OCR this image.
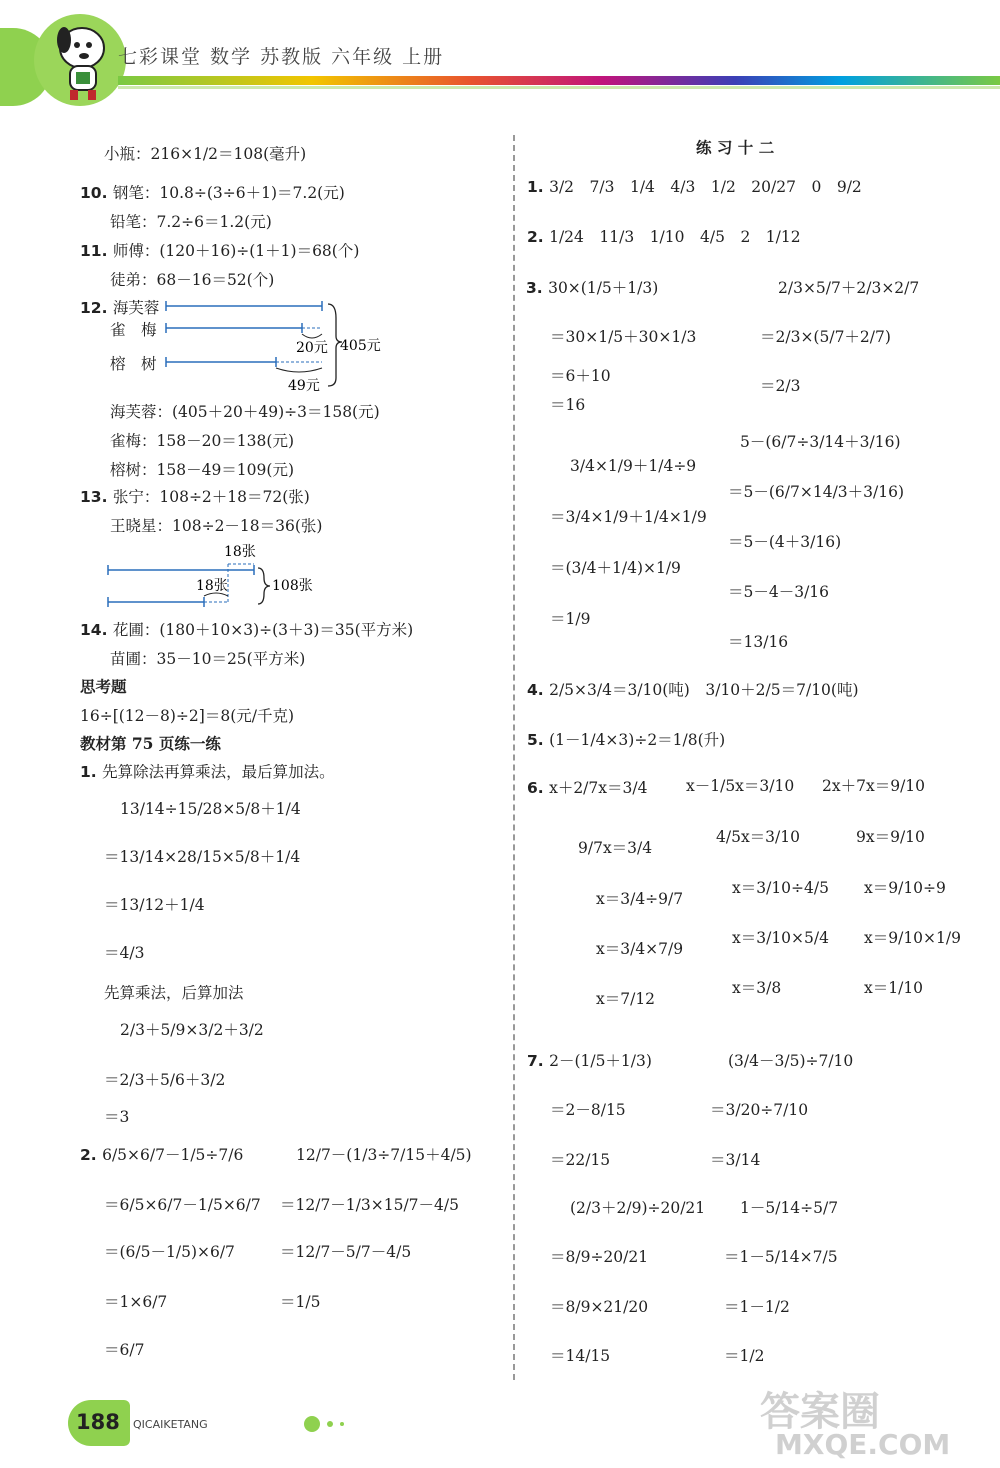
七彩课堂 数学 苏教版 六年级 上册
小瓶：216×1/2＝108(毫升)
10. 钢笔：10.8÷(3÷6＋1)＝7.2(元)
铅笔：7.2÷6＝1.2(元)
11. 师傅：(120＋16)÷(1＋1)＝68(个)
徒弟：68－16＝52(个)
12. 海芙蓉
雀　梅
榕　树
海芙蓉：(405＋20＋49)÷3＝158(元)
雀梅：158－20＝138(元)
榕树：158－49＝109(元)
13. 张宁：108÷2＋18＝72(张)
王晓星：108÷2－18＝36(张)
14. 花圃：(180＋10×3)÷(3＋3)＝35(平方米)
苗圃：35－10＝25(平方米)
思考题
16÷[(12－8)÷2]＝8(元/千克)
教材第 75 页练一练
1. 先算除法再算乘法，最后算加法。
13/14÷15/28×5/8＋1/4
＝13/14×28/15×5/8＋1/4
＝13/12＋1/4
＝4/3
先算乘法，后算加法
2/3＋5/9×3/2＋3/2
＝2/3＋5/6＋3/2
＝3
2. 6/5×6/7－1/5÷7/6
＝6/5×6/7－1/5×6/7
＝(6/5－1/5)×6/7
＝1×6/7
＝6/7
12/7－(1/3÷7/15＋4/5)
＝12/7－1/3×15/7－4/5
＝12/7－5/7－4/5
＝1/5
练 习 十 二
1. 3/2　7/3　1/4　4/3　1/2　20/27　0　9/2
2. 1/24　11/3　1/10　4/5　2　1/12
3. 30×(1/5＋1/3)
＝30×1/5＋30×1/3
＝6＋10
＝16
2/3×5/7＋2/3×2/7
＝2/3×(5/7＋2/7)
＝2/3
3/4×1/9＋1/4÷9
＝3/4×1/9＋1/4×1/9
＝(3/4＋1/4)×1/9
＝1/9
5－(6/7÷3/14＋3/16)
＝5－(6/7×14/3＋3/16)
＝5－(4＋3/16)
＝5－4－3/16
＝13/16
4. 2/5×3/4＝3/10(吨)　3/10＋2/5＝7/10(吨)
5. (1－1/4×3)÷2＝1/8(升)
6. x＋2/7x＝3/4
9/7x＝3/4
x＝3/4÷9/7
x＝3/4×7/9
x＝7/12
x－1/5x＝3/10
4/5x＝3/10
x＝3/10÷4/5
x＝3/10×5/4
x＝3/8
2x＋7x＝9/10
9x＝9/10
x＝9/10÷9
x＝9/10×1/9
x＝1/10
7. 2－(1/5＋1/3)
＝2－8/15
＝22/15
(3/4－3/5)÷7/10
＝3/20÷7/10
＝3/14
(2/3＋2/9)÷20/21
＝8/9÷20/21
＝8/9×21/20
＝14/15
1－5/14÷5/7
＝1－5/14×7/5
＝1－1/2
＝1/2
20元
49元
405元
18张
18张	108张
188 QICAIKETANG	答案圈
MXQE.COM
